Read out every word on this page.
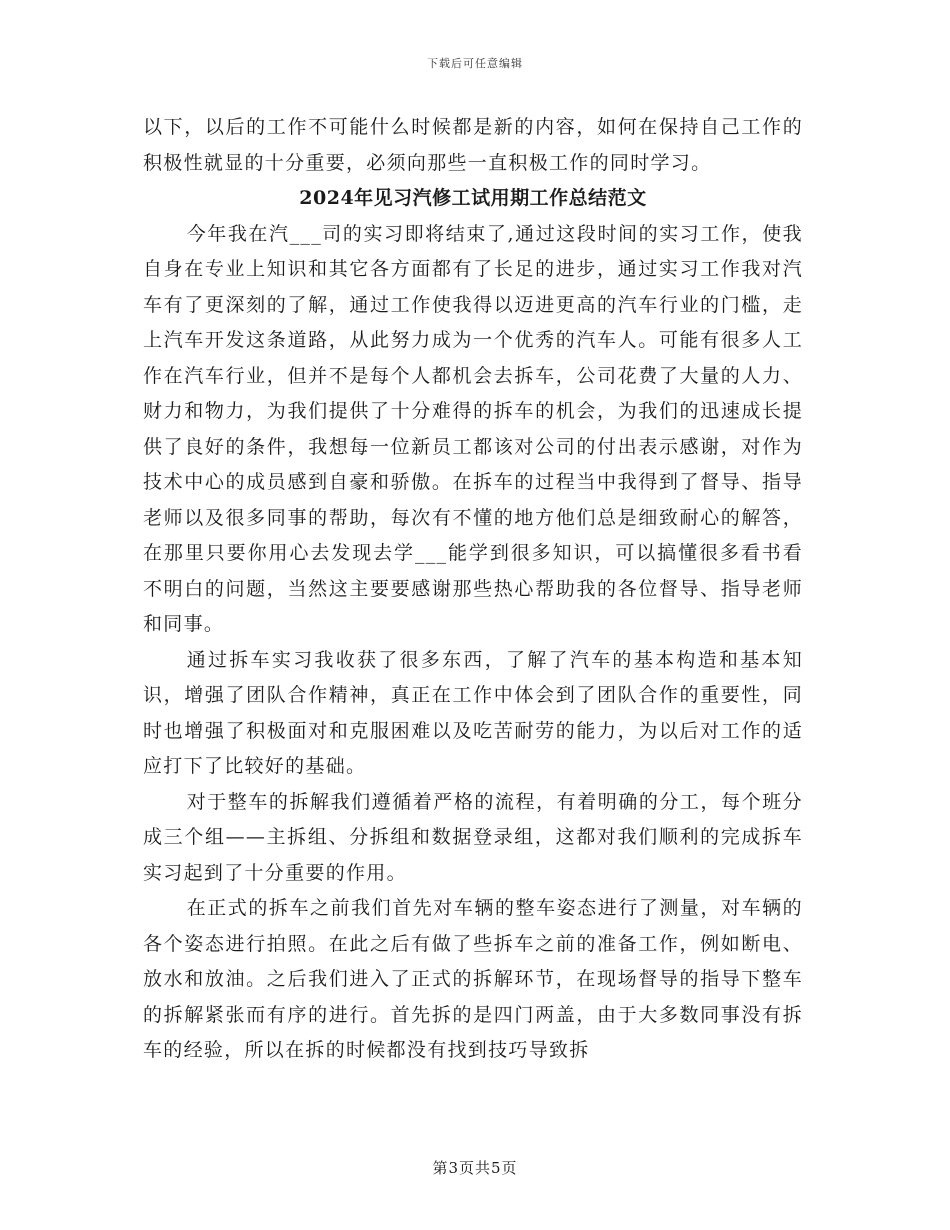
下载后可任意编辑

以下，以后的工作不可能什么时候都是新的内容，如何在保持自己工作的积极性就显的十分重要，必须向那些一直积极工作的同时学习。

2024年见习汽修工试用期工作总结范文

今年我在汽___司的实习即将结束了,通过这段时间的实习工作，使我自身在专业上知识和其它各方面都有了长足的进步，通过实习工作我对汽车有了更深刻的了解，通过工作使我得以迈进更高的汽车行业的门槛，走上汽车开发这条道路，从此努力成为一个优秀的汽车人。可能有很多人工作在汽车行业，但并不是每个人都机会去拆车，公司花费了大量的人力、财力和物力，为我们提供了十分难得的拆车的机会，为我们的迅速成长提供了良好的条件，我想每一位新员工都该对公司的付出表示感谢，对作为技术中心的成员感到自豪和骄傲。在拆车的过程当中我得到了督导、指导老师以及很多同事的帮助，每次有不懂的地方他们总是细致耐心的解答，在那里只要你用心去发现去学___能学到很多知识，可以搞懂很多看书看不明白的问题，当然这主要要感谢那些热心帮助我的各位督导、指导老师和同事。

通过拆车实习我收获了很多东西，了解了汽车的基本构造和基本知识，增强了团队合作精神，真正在工作中体会到了团队合作的重要性，同时也增强了积极面对和克服困难以及吃苦耐劳的能力，为以后对工作的适应打下了比较好的基础。

对于整车的拆解我们遵循着严格的流程，有着明确的分工，每个班分成三个组——主拆组、分拆组和数据登录组，这都对我们顺利的完成拆车实习起到了十分重要的作用。

在正式的拆车之前我们首先对车辆的整车姿态进行了测量，对车辆的各个姿态进行拍照。在此之后有做了些拆车之前的准备工作，例如断电、放水和放油。之后我们进入了正式的拆解环节，在现场督导的指导下整车的拆解紧张而有序的进行。首先拆的是四门两盖，由于大多数同事没有拆车的经验，所以在拆的时候都没有找到技巧导致拆

第3页共5页
